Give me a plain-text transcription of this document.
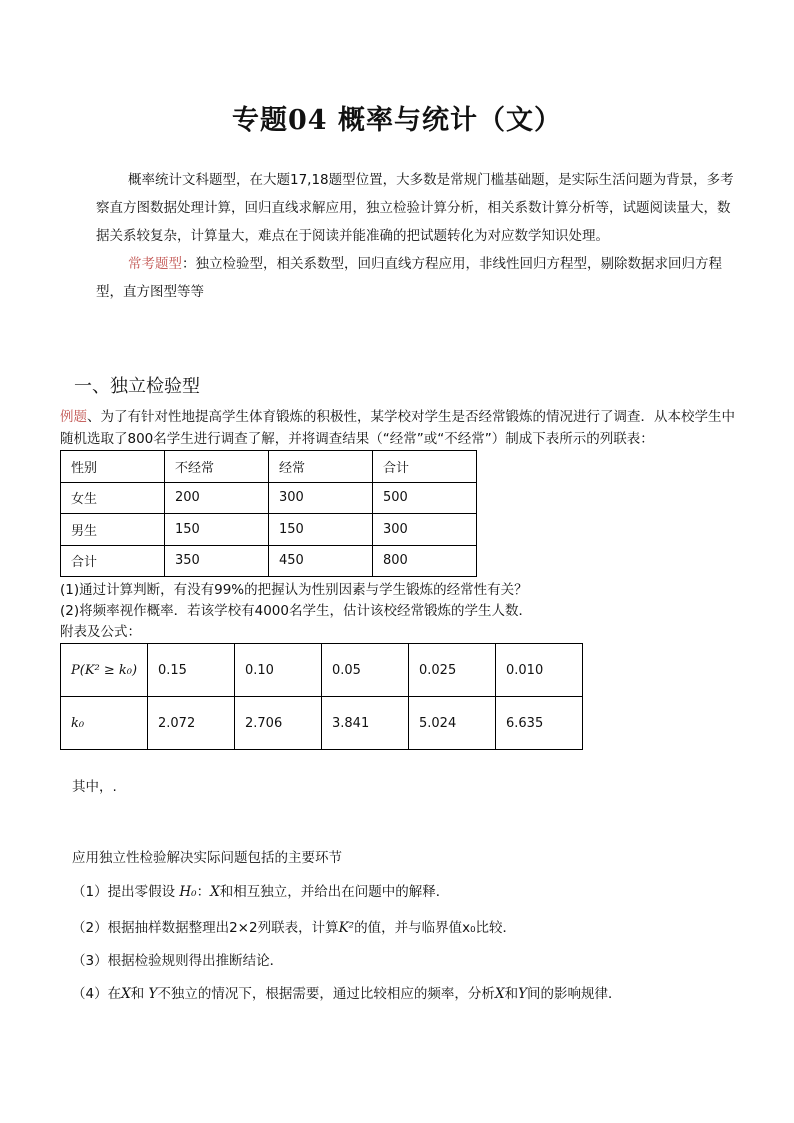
专题04 概率与统计（文）

概率统计文科题型，在大题17,18题型位置，大多数是常规门槛基础题，是实际生活问题为背景，多考察直方图数据处理计算，回归直线求解应用，独立检验计算分析，相关系数计算分析等，试题阅读量大，数据关系较复杂，计算量大，难点在于阅读并能准确的把试题转化为对应数学知识处理。

常考题型：独立检验型，相关系数型，回归直线方程应用，非线性回归方程型，剔除数据求回归方程型，直方图型等等

一、独立检验型
例题、为了有针对性地提高学生体育锻炼的积极性，某学校对学生是否经常锻炼的情况进行了调查．从本校学生中随机选取了800名学生进行调查了解，并将调查结果（“经常”或“不经常”）制成下表所示的列联表：
性别	不经常	经常	合计
女生	200	300	500
男生	150	150	300
合计	350	450	800
(1)通过计算判断，有没有99%的把握认为性别因素与学生锻炼的经常性有关？
(2)将频率视作概率．若该学校有4000名学生，估计该校经常锻炼的学生人数．
附表及公式：
P(K² ≥ k₀)	0.15	0.10	0.05	0.025	0.010
k₀	2.072	2.706	3.841	5.024	6.635
其中，.
应用独立性检验解决实际问题包括的主要环节
（1）提出零假设 H₀：X和相互独立，并给出在问题中的解释．
（2）根据抽样数据整理出2×2列联表，计算K²的值，并与临界值x₀比较．
（3）根据检验规则得出推断结论．
（4）在X和 Y不独立的情况下，根据需要，通过比较相应的频率，分析X和Y间的影响规律．
